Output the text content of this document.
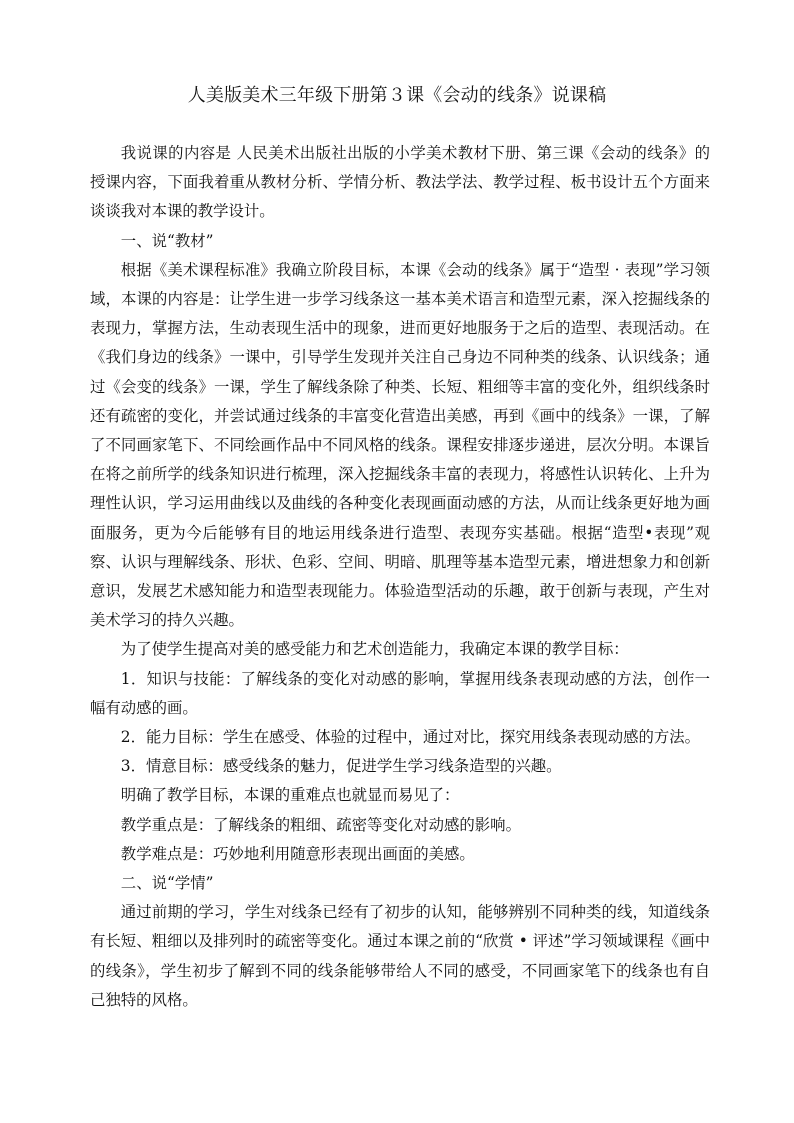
人美版美术三年级下册第３课《会动的线条》说课稿

我说课的内容是 人民美术出版社出版的小学美术教材下册、第三课《会动的线条》的授课内容，下面我着重从教材分析、学情分析、教法学法、教学过程、板书设计五个方面来谈谈我对本课的教学设计。

一、说“教材”

根据《美术课程标准》我确立阶段目标，本课《会动的线条》属于“造型 · 表现”学习领域，本课的内容是：让学生进一步学习线条这一基本美术语言和造型元素，深入挖掘线条的表现力，掌握方法，生动表现生活中的现象，进而更好地服务于之后的造型、表现活动。在《我们身边的线条》一课中，引导学生发现并关注自己身边不同种类的线条、认识线条；通过《会变的线条》一课，学生了解线条除了种类、长短、粗细等丰富的变化外，组织线条时还有疏密的变化，并尝试通过线条的丰富变化营造出美感，再到《画中的线条》一课，了解了不同画家笔下、不同绘画作品中不同风格的线条。课程安排逐步递进，层次分明。本课旨在将之前所学的线条知识进行梳理，深入挖掘线条丰富的表现力，将感性认识转化、上升为理性认识，学习运用曲线以及曲线的各种变化表现画面动感的方法，从而让线条更好地为画面服务，更为今后能够有目的地运用线条进行造型、表现夯实基础。根据“造型•表现”观察、认识与理解线条、形状、色彩、空间、明暗、肌理等基本造型元素，增进想象力和创新意识，发展艺术感知能力和造型表现能力。体验造型活动的乐趣，敢于创新与表现，产生对美术学习的持久兴趣。

为了使学生提高对美的感受能力和艺术创造能力，我确定本课的教学目标：

1．知识与技能：了解线条的变化对动感的影响，掌握用线条表现动感的方法，创作一幅有动感的画。

2．能力目标：学生在感受、体验的过程中，通过对比，探究用线条表现动感的方法。

3．情意目标：感受线条的魅力，促进学生学习线条造型的兴趣。

明确了教学目标，本课的重难点也就显而易见了：

教学重点是：了解线条的粗细、疏密等变化对动感的影响。

教学难点是：巧妙地利用随意形表现出画面的美感。

二、说“学情”

通过前期的学习，学生对线条已经有了初步的认知，能够辨别不同种类的线，知道线条有长短、粗细以及排列时的疏密等变化。通过本课之前的“欣赏 • 评述”学习领域课程《画中的线条》，学生初步了解到不同的线条能够带给人不同的感受，不同画家笔下的线条也有自己独特的风格。
